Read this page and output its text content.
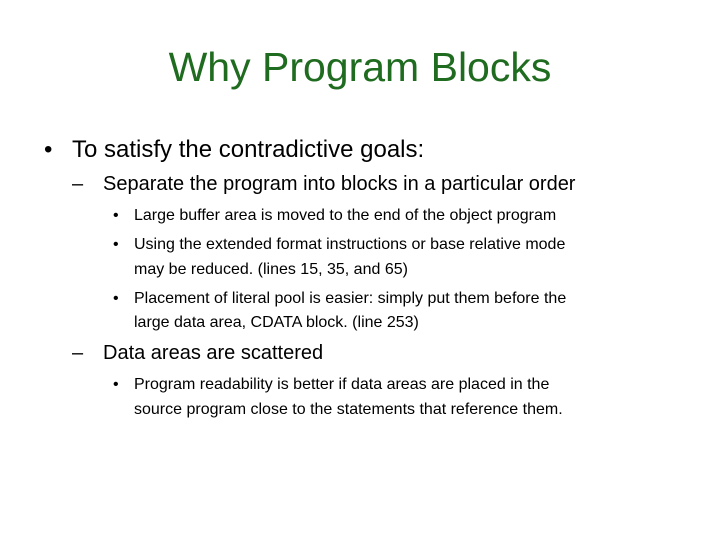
Why Program Blocks
• To satisfy the contradictive goals:
– Separate the program into blocks in a particular order
• Large buffer area is moved to the end of the object program
• Using the extended format instructions or base relative mode
may be reduced. (lines 15, 35, and 65)
• Placement of literal pool is easier: simply put them before the
large data area, CDATA block. (line 253)
– Data areas are scattered
• Program readability is better if data areas are placed in the
source program close to the statements that reference them.
